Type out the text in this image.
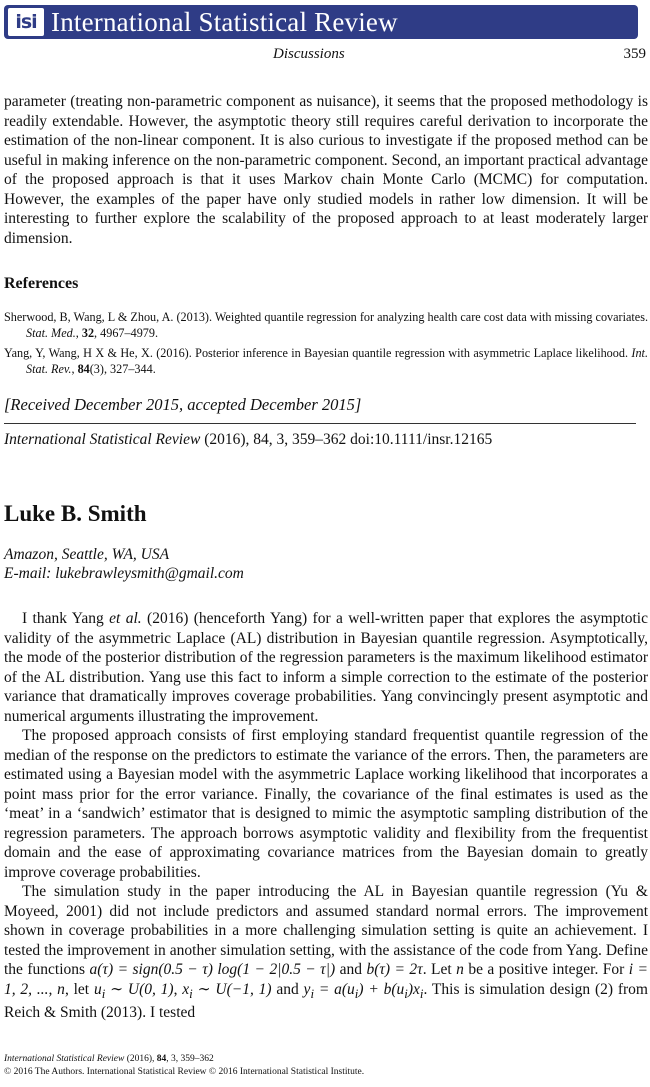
isi International Statistical Review
Discussions	359

parameter (treating non-parametric component as nuisance), it seems that the proposed methodology is readily extendable. However, the asymptotic theory still requires careful derivation to incorporate the estimation of the non-linear component. It is also curious to investigate if the proposed method can be useful in making inference on the non-parametric component. Second, an important practical advantage of the proposed approach is that it uses Markov chain Monte Carlo (MCMC) for computation. However, the examples of the paper have only studied models in rather low dimension. It will be interesting to further explore the scalability of the proposed approach to at least moderately larger dimension.

References
Sherwood, B, Wang, L & Zhou, A. (2013). Weighted quantile regression for analyzing health care cost data with missing covariates. Stat. Med., 32, 4967–4979.
Yang, Y, Wang, H X & He, X. (2016). Posterior inference in Bayesian quantile regression with asymmetric Laplace likelihood. Int. Stat. Rev., 84(3), 327–344.
[Received December 2015, accepted December 2015]
International Statistical Review (2016), 84, 3, 359–362 doi:10.1111/insr.12165
Luke B. Smith
Amazon, Seattle, WA, USA
E-mail: lukebrawleysmith@gmail.com

I thank Yang et al. (2016) (henceforth Yang) for a well-written paper that explores the asymptotic validity of the asymmetric Laplace (AL) distribution in Bayesian quantile regression. Asymptotically, the mode of the posterior distribution of the regression parameters is the maximum likelihood estimator of the AL distribution. Yang use this fact to inform a simple correction to the estimate of the posterior variance that dramatically improves coverage probabilities. Yang convincingly present asymptotic and numerical arguments illustrating the improvement.

The proposed approach consists of first employing standard frequentist quantile regression of the median of the response on the predictors to estimate the variance of the errors. Then, the parameters are estimated using a Bayesian model with the asymmetric Laplace working likelihood that incorporates a point mass prior for the error variance. Finally, the covariance of the final estimates is used as the ‘meat’ in a ‘sandwich’ estimator that is designed to mimic the asymptotic sampling distribution of the regression parameters. The approach borrows asymptotic validity and flexibility from the frequentist domain and the ease of approximating covariance matrices from the Bayesian domain to greatly improve coverage probabilities.

The simulation study in the paper introducing the AL in Bayesian quantile regression (Yu & Moyeed, 2001) did not include predictors and assumed standard normal errors. The improvement shown in coverage probabilities in a more challenging simulation setting is quite an achievement. I tested the improvement in another simulation setting, with the assistance of the code from Yang. Define the functions a(τ) = sign(0.5 − τ) log(1 − 2|0.5 − τ|) and b(τ) = 2τ. Let n be a positive integer. For i = 1, 2, ..., n, let $u_i$ ∼ U(0, 1), $x_i$ ∼ U(−1, 1) and $y_i = a(u_i) + b(u_i)x_i$. This is simulation design (2) from Reich & Smith (2013). I tested

International Statistical Review (2016), 84, 3, 359–362
© 2016 The Authors. International Statistical Review © 2016 International Statistical Institute.
